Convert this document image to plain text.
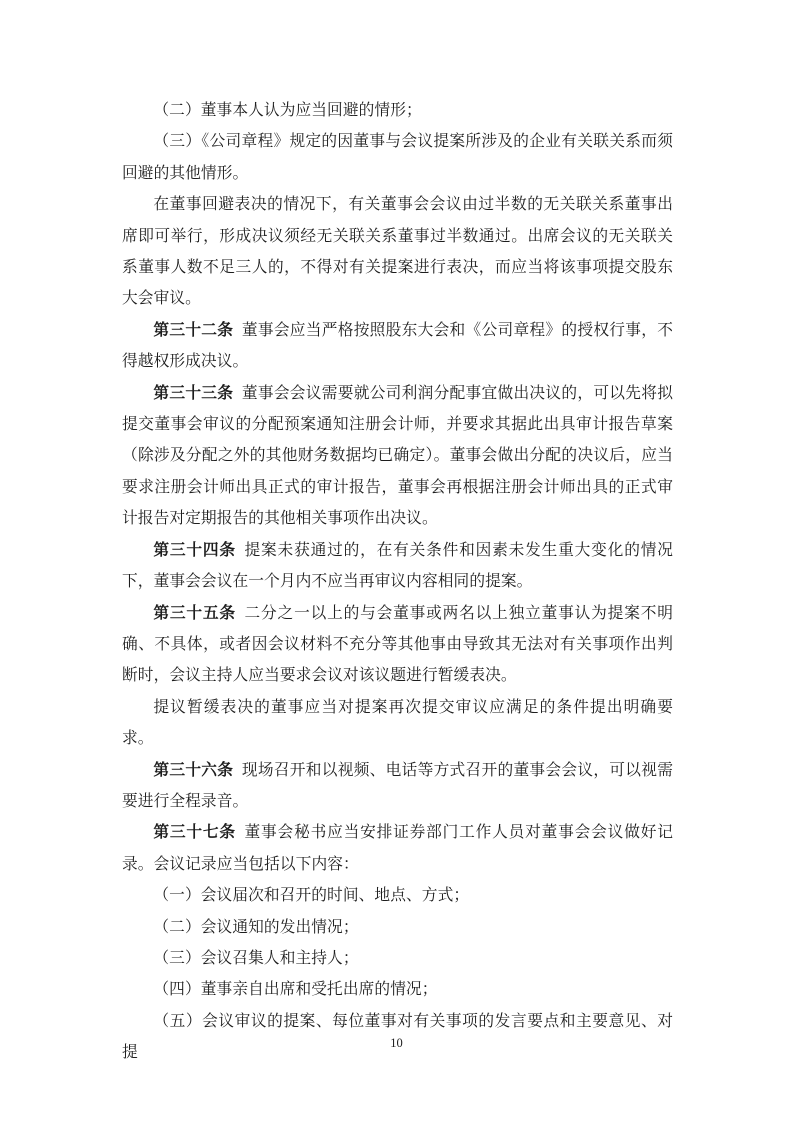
（二）董事本人认为应当回避的情形；

（三）《公司章程》规定的因董事与会议提案所涉及的企业有关联关系而须回避的其他情形。

在董事回避表决的情况下，有关董事会会议由过半数的无关联关系董事出席即可举行，形成决议须经无关联关系董事过半数通过。出席会议的无关联关系董事人数不足三人的，不得对有关提案进行表决，而应当将该事项提交股东大会审议。

第三十二条 董事会应当严格按照股东大会和《公司章程》的授权行事，不得越权形成决议。

第三十三条 董事会会议需要就公司利润分配事宜做出决议的，可以先将拟提交董事会审议的分配预案通知注册会计师，并要求其据此出具审计报告草案（除涉及分配之外的其他财务数据均已确定）。董事会做出分配的决议后，应当要求注册会计师出具正式的审计报告，董事会再根据注册会计师出具的正式审计报告对定期报告的其他相关事项作出决议。

第三十四条 提案未获通过的，在有关条件和因素未发生重大变化的情况下，董事会会议在一个月内不应当再审议内容相同的提案。

第三十五条 二分之一以上的与会董事或两名以上独立董事认为提案不明确、不具体，或者因会议材料不充分等其他事由导致其无法对有关事项作出判断时，会议主持人应当要求会议对该议题进行暂缓表决。

提议暂缓表决的董事应当对提案再次提交审议应满足的条件提出明确要求。

第三十六条 现场召开和以视频、电话等方式召开的董事会会议，可以视需要进行全程录音。

第三十七条 董事会秘书应当安排证券部门工作人员对董事会会议做好记录。会议记录应当包括以下内容：

（一）会议届次和召开的时间、地点、方式；

（二）会议通知的发出情况；

（三）会议召集人和主持人；

（四）董事亲自出席和受托出席的情况；

（五）会议审议的提案、每位董事对有关事项的发言要点和主要意见、对提

10
